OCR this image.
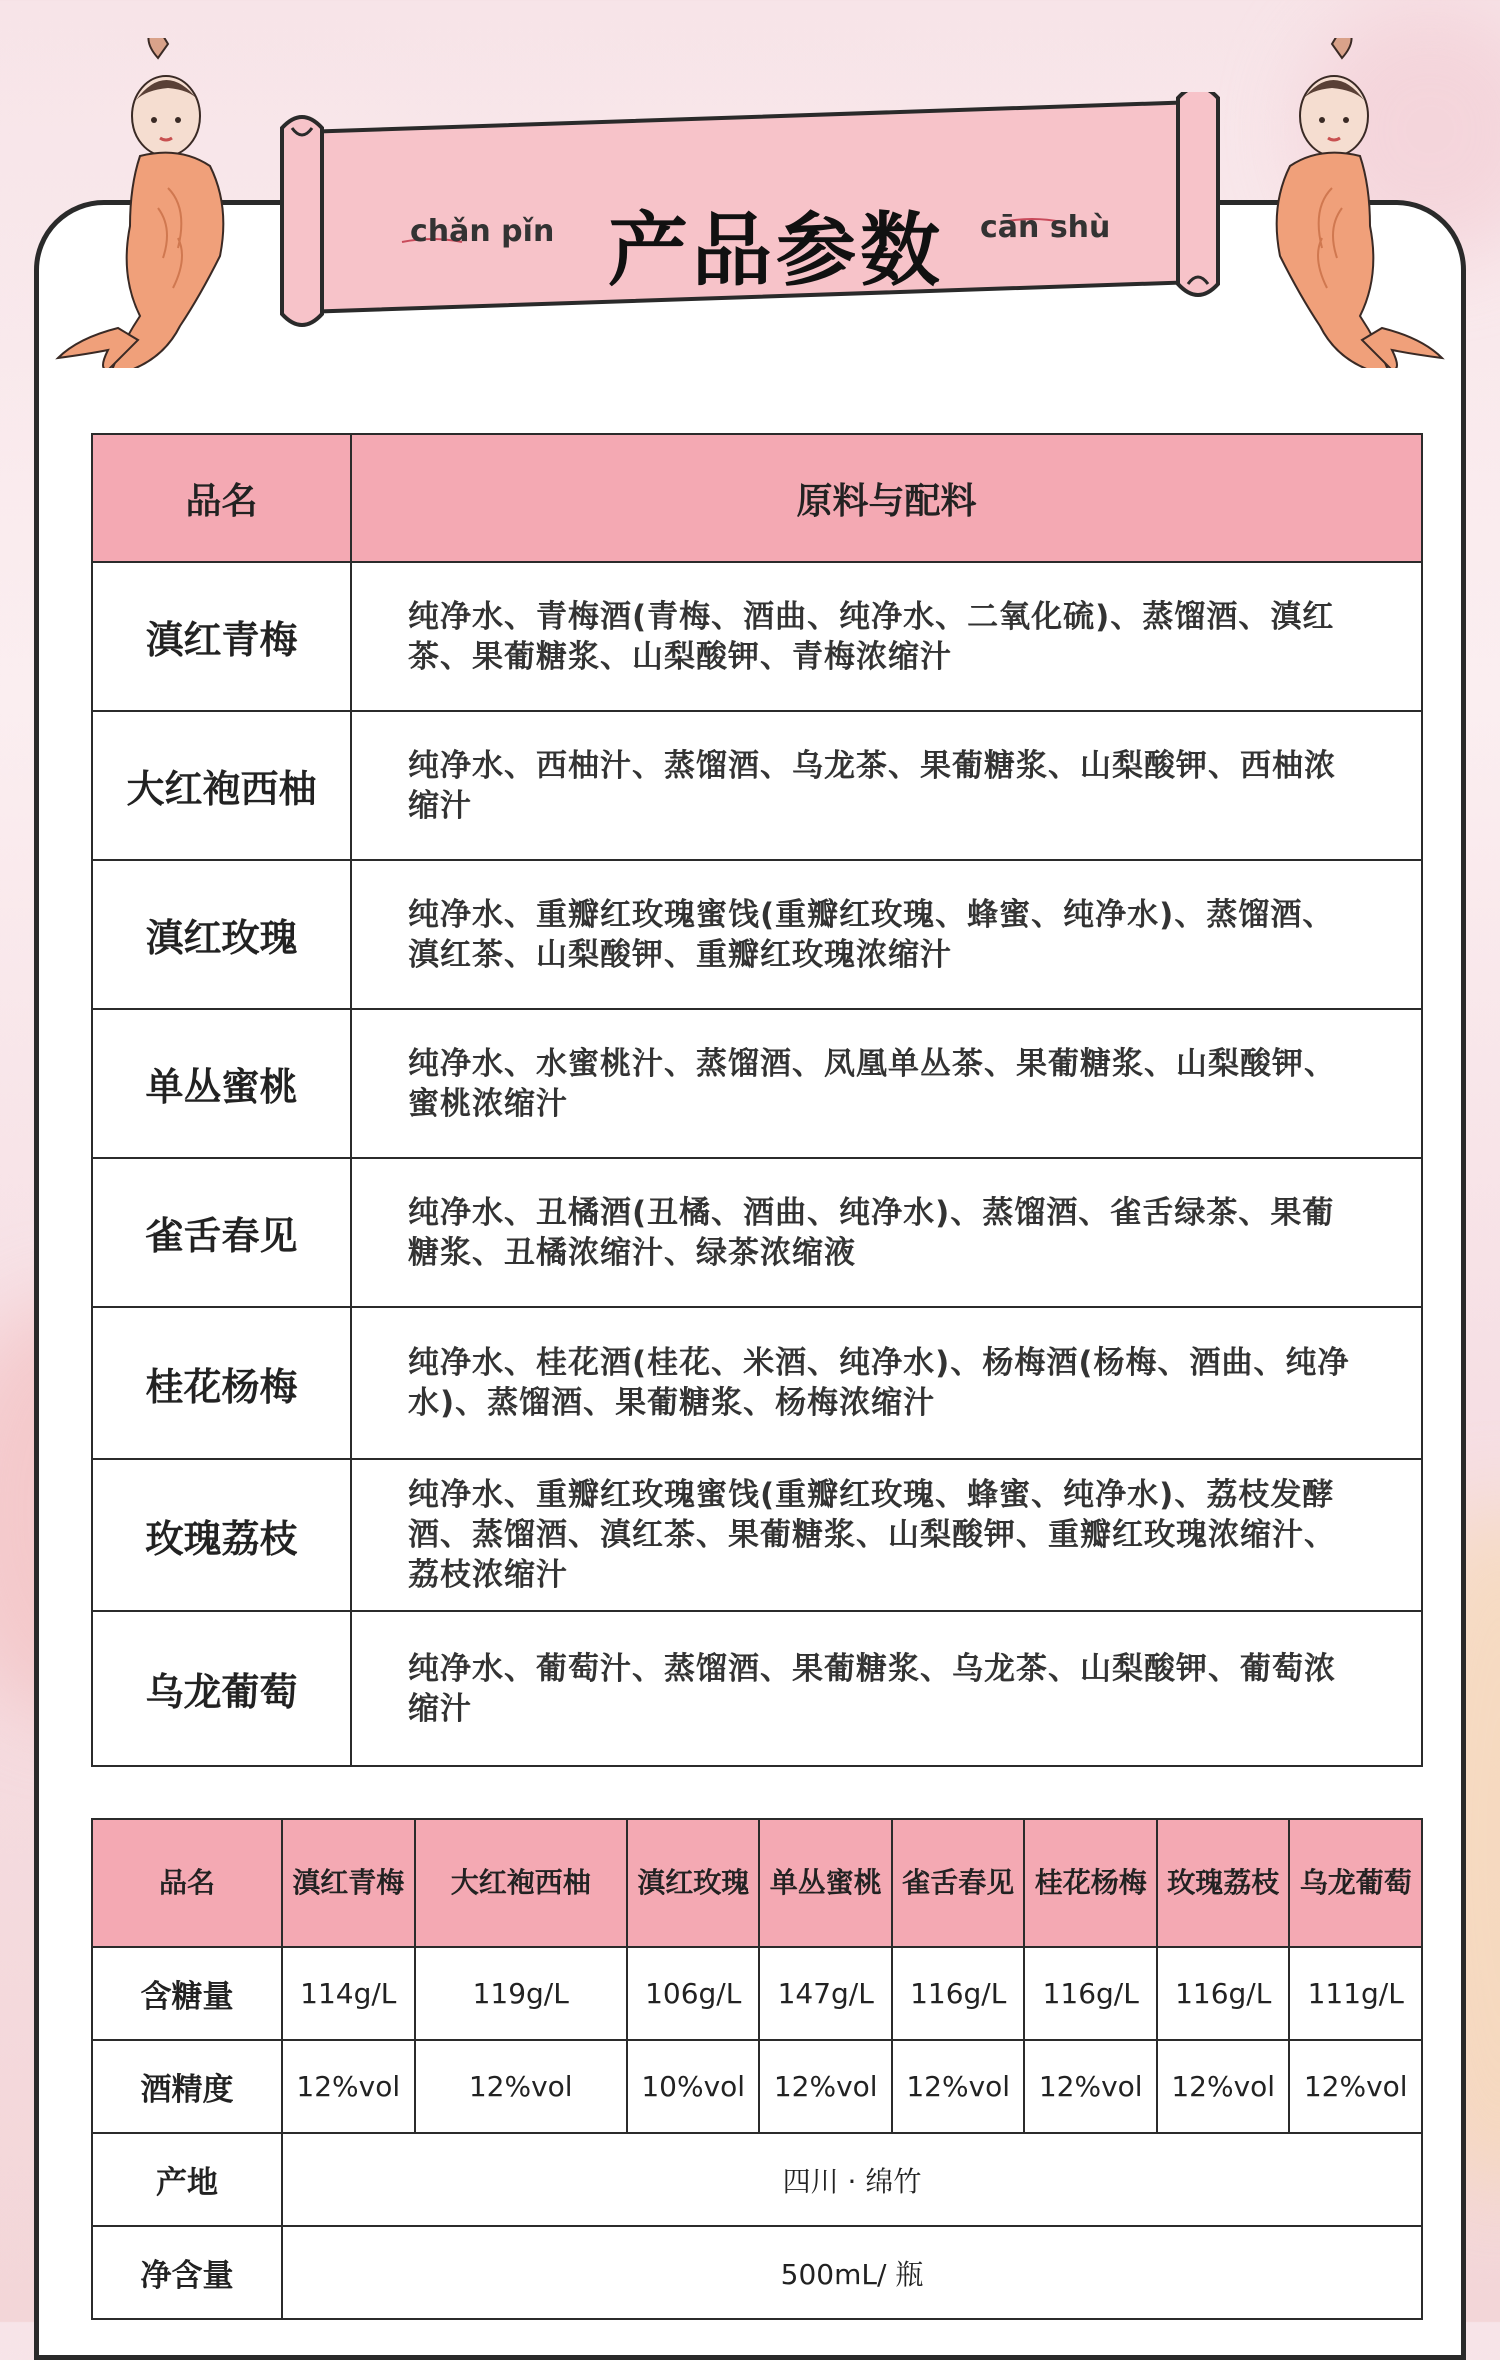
chǎn pǐn 产品参数 cān shù
品名	原料与配料
滇红青梅	纯净水、青梅酒(青梅、酒曲、纯净水、二氧化硫)、蒸馏酒、滇红茶、果葡糖浆、山梨酸钾、青梅浓缩汁
大红袍西柚	纯净水、西柚汁、蒸馏酒、乌龙茶、果葡糖浆、山梨酸钾、西柚浓缩汁
滇红玫瑰	纯净水、重瓣红玫瑰蜜饯(重瓣红玫瑰、蜂蜜、纯净水)、蒸馏酒、滇红茶、山梨酸钾、重瓣红玫瑰浓缩汁
单丛蜜桃	纯净水、水蜜桃汁、蒸馏酒、凤凰单丛茶、果葡糖浆、山梨酸钾、蜜桃浓缩汁
雀舌春见	纯净水、丑橘酒(丑橘、酒曲、纯净水)、蒸馏酒、雀舌绿茶、果葡糖浆、丑橘浓缩汁、绿茶浓缩液
桂花杨梅	纯净水、桂花酒(桂花、米酒、纯净水)、杨梅酒(杨梅、酒曲、纯净水)、蒸馏酒、果葡糖浆、杨梅浓缩汁
玫瑰荔枝	纯净水、重瓣红玫瑰蜜饯(重瓣红玫瑰、蜂蜜、纯净水)、荔枝发酵酒、蒸馏酒、滇红茶、果葡糖浆、山梨酸钾、重瓣红玫瑰浓缩汁、荔枝浓缩汁
乌龙葡萄	纯净水、葡萄汁、蒸馏酒、果葡糖浆、乌龙茶、山梨酸钾、葡萄浓缩汁
品名	滇红青梅	大红袍西柚	滇红玫瑰	单丛蜜桃	雀舌春见	桂花杨梅	玫瑰荔枝	乌龙葡萄
含糖量	114g/L	119g/L	106g/L	147g/L	116g/L	116g/L	116g/L	111g/L
酒精度	12%vol	12%vol	10%vol	12%vol	12%vol	12%vol	12%vol	12%vol
产地	四川 · 绵竹							
净含量	500mL/ 瓶							
